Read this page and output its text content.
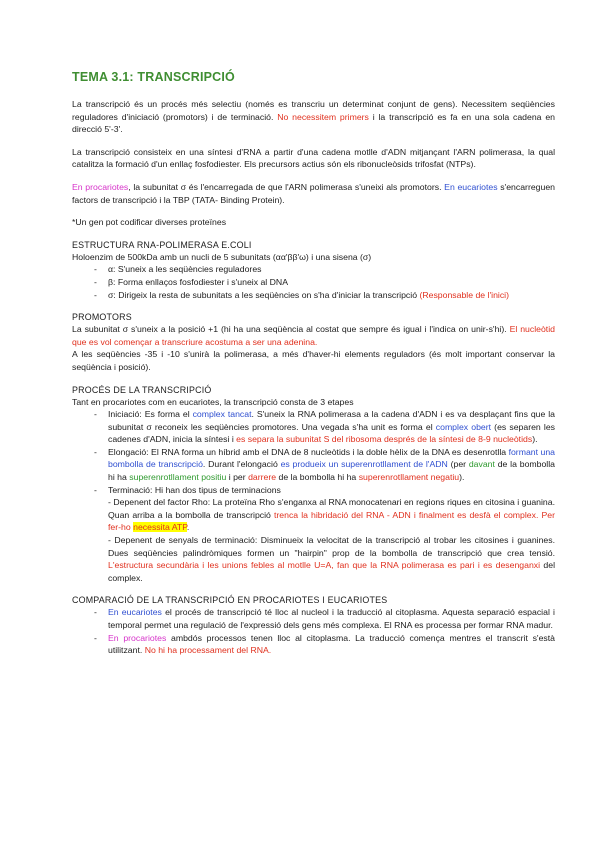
TEMA 3.1: TRANSCRIPCIÓ

La transcripció és un procés més selectiu (només es transcriu un determinat conjunt de gens). Necessitem seqüències reguladores d'iniciació (promotors) i de terminació. No necessitem primers i la transcripció es fa en una sola cadena en direcció 5'-3'.

La transcripció consisteix en una síntesi d'RNA a partir d'una cadena motlle d'ADN mitjançant l'ARN polimerasa, la qual catalitza la formació d'un enllaç fosfodiester. Els precursors actius són els ribonucleòsids trifosfat (NTPs).

En procariotes, la subunitat σ és l'encarregada de que l'ARN polimerasa s'uneixi als promotors. En eucariotes s'encarreguen factors de transcripció i la TBP (TATA- Binding Protein).

*Un gen pot codificar diverses proteïnes

ESTRUCTURA RNA-POLIMERASA E.COLI
Holoenzim de 500kDa amb un nucli de 5 subunitats (αα'ββ'ω) i una sisena (σ)
- α: S'uneix a les seqüències reguladores
- β: Forma enllaços fosfodiester i s'uneix al DNA
- σ: Dirigeix la resta de subunitats a les seqüències on s'ha d'iniciar la transcripció (Responsable de l'inici)
PROMOTORS
La subunitat σ s'uneix a la posició +1 (hi ha una seqüència al costat que sempre és igual i l'indica on unir-s'hi). El nucleòtid que es vol començar a transcriure acostuma a ser una adenina.
A les seqüències -35 i -10 s'unirà la polimerasa, a més d'haver-hi elements reguladors (és molt important conservar la seqüència i posició).
PROCÉS DE LA TRANSCRIPCIÓ
Tant en procariotes com en eucariotes, la transcripció consta de 3 etapes
- Iniciació: Es forma el complex tancat. S'uneix la RNA polimerasa a la cadena d'ADN i es va desplaçant fins que la subunitat σ reconeix les seqüències promotores. Una vegada s'ha unit es forma el complex obert (es separen les cadenes d'ADN, inicia la síntesi i es separa la subunitat S del ribosoma després de la síntesi de 8-9 nucleòtids).
- Elongació: El RNA forma un híbrid amb el DNA de 8 nucleòtids i la doble hèlix de la DNA es desenrotlla formant una bombolla de transcripció. Durant l'elongació es produeix un superenrotllament de l'ADN (per davant de la bombolla hi ha superenrotllament positiu i per darrere de la bombolla hi ha superenrotllament negatiu).
- Terminació: Hi han dos tipus de terminacions
- Depenent del factor Rho: La proteïna Rho s'enganxa al RNA monocatenari en regions riques en citosina i guanina. Quan arriba a la bombolla de transcripció trenca la hibridació del RNA - ADN i finalment es desfà el complex. Per fer-ho necessita ATP.
- Depenent de senyals de terminació: Disminueix la velocitat de la transcripció al trobar les citosines i guanines. Dues seqüències palindròmiques formen un "hairpin" prop de la bombolla de transcripció que crea tensió. L'estructura secundària i les unions febles al motlle U=A, fan que la RNA polimerasa es pari i es desenganxi del complex.
COMPARACIÓ DE LA TRANSCRIPCIÓ EN PROCARIOTES I EUCARIOTES
- En eucariotes el procés de transcripció té lloc al nucleol i la traducció al citoplasma. Aquesta separació espacial i temporal permet una regulació de l'expressió dels gens més complexa. El RNA es processa per formar RNA madur.
- En procariotes ambdós processos tenen lloc al citoplasma. La traducció comença mentres el transcrit s'està utilitzant. No hi ha processament del RNA.
